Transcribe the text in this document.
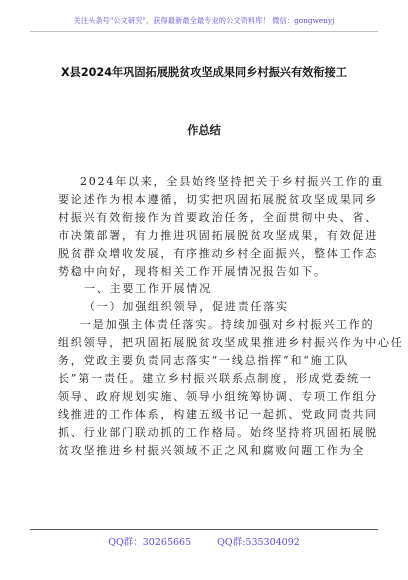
关注头条号"公文研究"，获得最新最全最专业的公文资料库！ 微信：gongwenyj
X县2024年巩固拓展脱贫攻坚成果同乡村振兴有效衔接工
作总结

2024年以来，全县始终坚持把关于乡村振兴工作的重

要论述作为根本遵循，切实把巩固拓展脱贫攻坚成果同乡

村振兴有效衔接作为首要政治任务，全面贯彻中央、省、

市决策部署，有力推进巩固拓展脱贫攻坚成果，有效促进

脱贫群众增收发展，有序推动乡村全面振兴，整体工作态

势稳中向好，现将相关工作开展情况报告如下。

一、主要工作开展情况

（一）加强组织领导，促进责任落实

一是加强主体责任落实。持续加强对乡村振兴工作的

组织领导，把巩固拓展脱贫攻坚成果推进乡村振兴作为中心任

务，党政主要负责同志落实“一线总指挥”和“施工队

长”第一责任。建立乡村振兴联系点制度，形成党委统一

领导、政府规划实施、领导小组统筹协调、专项工作组分

线推进的工作体系，构建五级书记一起抓、党政同责共同

抓、行业部门联动抓的工作格局。始终坚持将巩固拓展脱

贫攻坚推进乡村振兴领域不正之风和腐败问题工作为全

QQ群：30265665	QQ群:535304092
